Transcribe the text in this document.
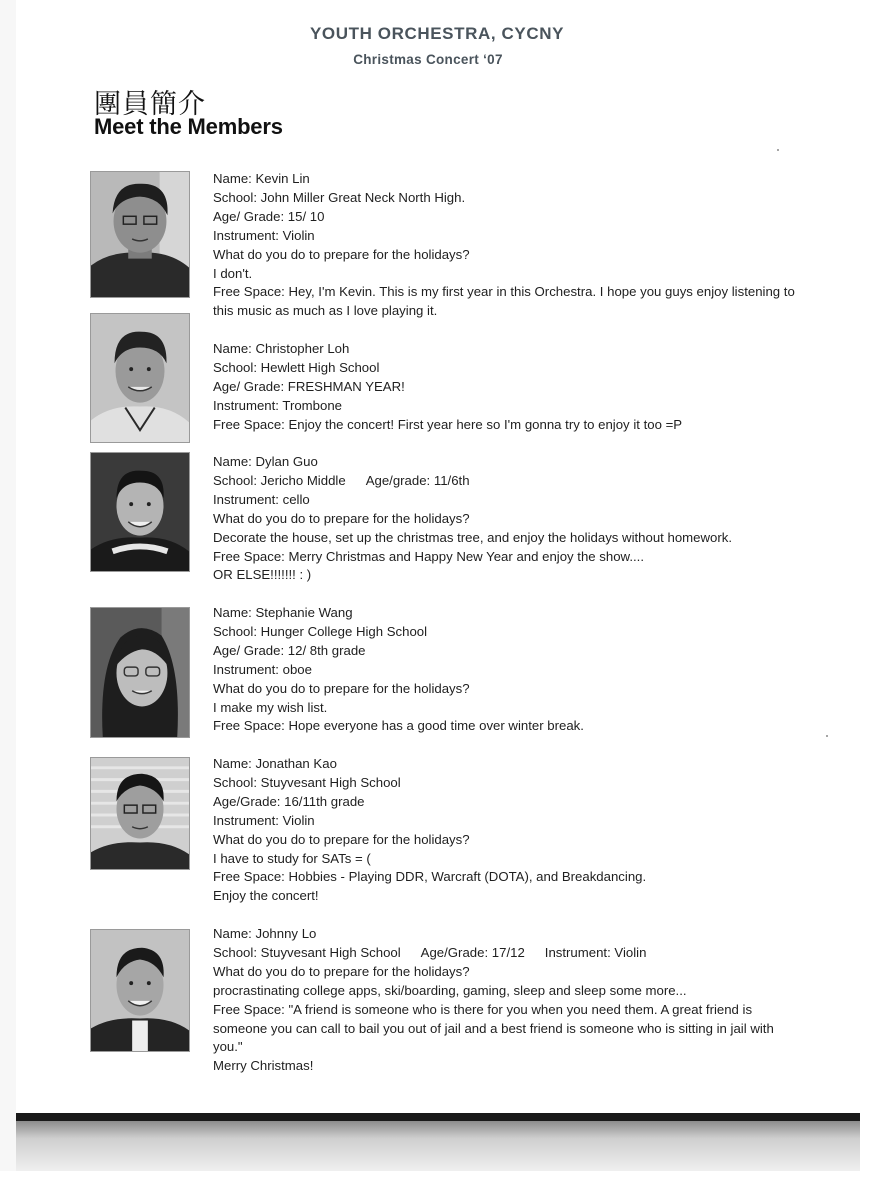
YOUTH ORCHESTRA, CYCNY
Christmas Concert ‘07
團員簡介
Meet the Members
Name: Kevin Lin
School: John Miller Great Neck North High.
Age/ Grade: 15/ 10
Instrument: Violin
What do you do to prepare for the holidays?
I don't.
Free Space: Hey, I'm Kevin. This is my first year in this Orchestra. I hope you guys enjoy listening to this music as much as I love playing it.
Name: Christopher Loh
School: Hewlett High School
Age/ Grade: FRESHMAN YEAR!
Instrument: Trombone
Free Space: Enjoy the concert! First year here so I'm gonna try to enjoy it too =P
Name: Dylan Guo
School: Jericho Middle Age/grade: 11/6th
Instrument: cello
What do you do to prepare for the holidays?
Decorate the house, set up the christmas tree, and enjoy the holidays without homework.
Free Space: Merry Christmas and Happy New Year and enjoy the show....
OR ELSE!!!!!!! : )
Name: Stephanie Wang
School: Hunger College High School
Age/ Grade: 12/ 8th grade
Instrument: oboe
What do you do to prepare for the holidays?
I make my wish list.
Free Space: Hope everyone has a good time over winter break.
Name: Jonathan Kao
School: Stuyvesant High School
Age/Grade: 16/11th grade
Instrument: Violin
What do you do to prepare for the holidays?
I have to study for SATs = (
Free Space: Hobbies - Playing DDR, Warcraft (DOTA), and Breakdancing.
Enjoy the concert!
Name: Johnny Lo
School: Stuyvesant High School Age/Grade: 17/12 Instrument: Violin
What do you do to prepare for the holidays?
procrastinating college apps, ski/boarding, gaming, sleep and sleep some more...
Free Space: "A friend is someone who is there for you when you need them. A great friend is someone you can call to bail you out of jail and a best friend is someone who is sitting in jail with you."
Merry Christmas!
